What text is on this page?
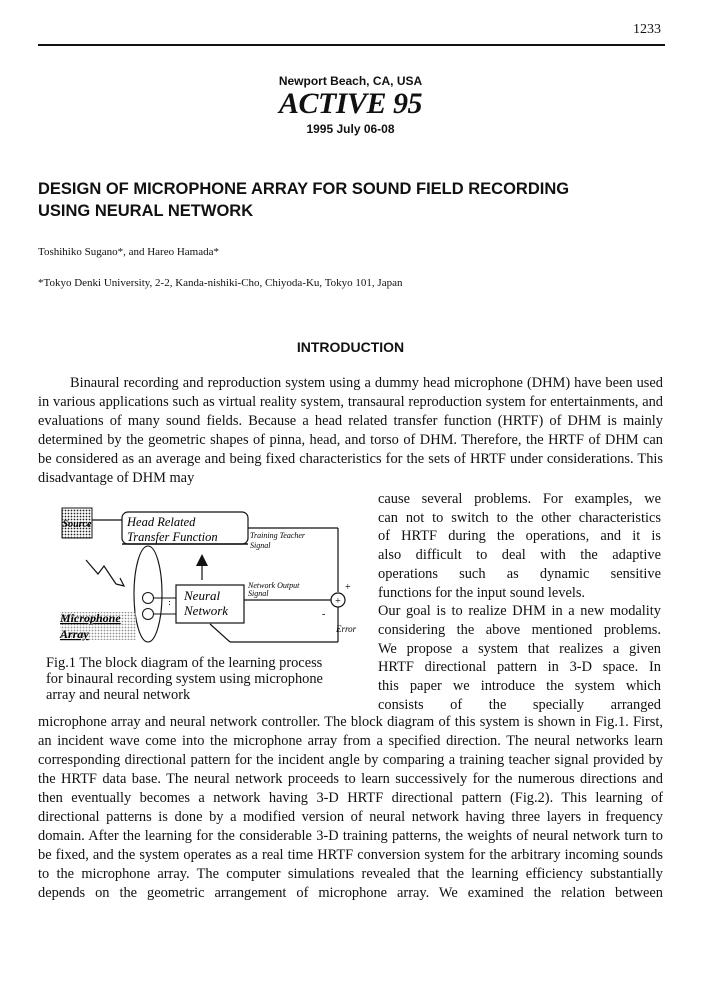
1233
Newport Beach, CA, USA
ACTIVE 95
1995 July 06-08
DESIGN OF MICROPHONE ARRAY FOR SOUND FIELD RECORDING
USING NEURAL NETWORK
Toshihiko Sugano*, and Hareo Hamada*
*Tokyo Denki University, 2-2, Kanda-nishiki-Cho, Chiyoda-Ku, Tokyo 101, Japan
INTRODUCTION
Binaural recording and reproduction system using a dummy head microphone (DHM) have been used in various applications such as virtual reality system, transaural reproduction system for entertainments, and evaluations of many sound fields. Because a head related transfer function (HRTF) of DHM is mainly determined by the geometric shapes of pinna, head, and torso of DHM. Therefore, the HRTF of DHM can be considered as an average and being fixed characteristics for the sets of HRTF under considerations. This disadvantage of DHM may
Source	Head Related
Transfer Function	Training Teacher
Signal
⋮ Neural
Network
Network Output
Signal
+
+
-
Error
Microphone
Array
Fig.1 The block diagram of the learning process
for binaural recording system using microphone
array and neural network
cause several problems. For examples, we
can not to switch to the other characteristics
of HRTF during the operations, and it is
also difficult to deal with the adaptive
operations such as dynamic sensitive
functions for the input sound levels.
Our goal is to realize DHM in a new modality
considering the above mentioned problems.
We propose a system that realizes a given
HRTF directional pattern in 3-D space. In
this paper we introduce the system which
consists of the specially arranged
microphone array and neural network controller. The block diagram of this system is shown in Fig.1. First, an incident wave come into the microphone array from a specified direction. The neural networks learn corresponding directional pattern for the incident angle by comparing a training teacher signal provided by the HRTF data base. The neural network proceeds to learn successively for the numerous directions and then eventually becomes a network having 3-D HRTF directional pattern (Fig.2). This learning of directional patterns is done by a modified version of neural network having three layers in frequency domain. After the learning for the considerable 3-D training patterns, the weights of neural network turn to be fixed, and the system operates as a real time HRTF conversion system for the arbitrary incoming sounds to the microphone array. The computer simulations revealed that the learning efficiency substantially depends on the geometric arrangement of microphone array. We examined the relation between
